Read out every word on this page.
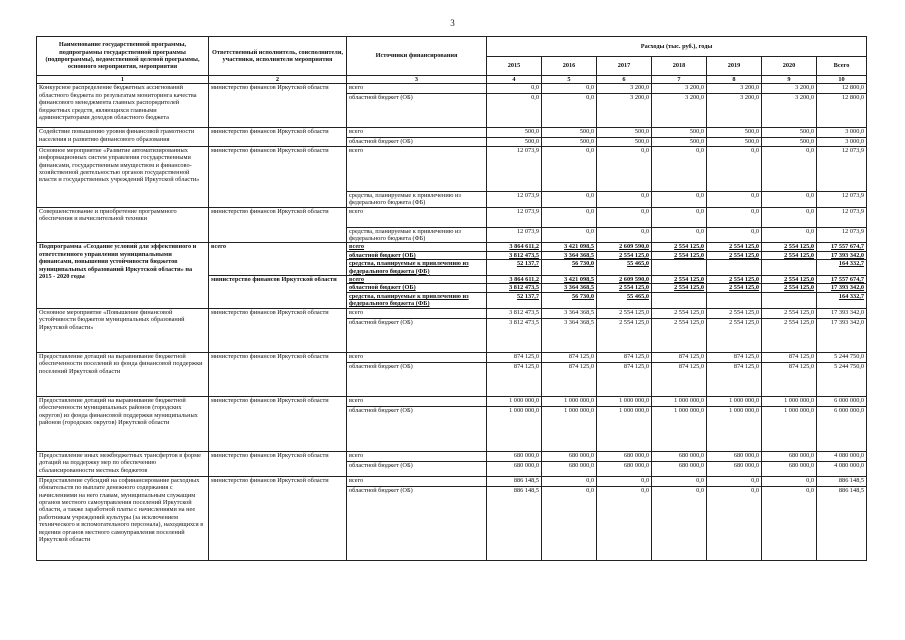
3
Наименование государственной программы, подпрограммы государственной программы (подпрограммы), ведомственной целевой программы, основного мероприятия, мероприятия	Ответственный исполнитель, соисполнители, участники, исполнители мероприятия	Источники финансирования	Расходы (тыс. руб.), годы						
			2015	2016	2017	2018	2019	2020	Всего
1	2	3	4	5	6	7	8	9	10
Конкурсное распределение бюджетных ассигнований областного бюджета по результатам мониторинга качества финансового менеджмента главных распорядителей бюджетных средств, являющихся главными администраторами доходов областного бюджета	министерство финансов Иркутской области	всего	0,0	0,0	3 200,0	3 200,0	3 200,0	3 200,0	12 800,0
		областной бюджет (ОБ)	0,0	0,0	3 200,0	3 200,0	3 200,0	3 200,0	12 800,0
Содействие повышению уровня финансовой грамотности населения и развитию финансового образования	министерство финансов Иркутской области	всего	500,0	500,0	500,0	500,0	500,0	500,0	3 000,0
		областной бюджет (ОБ)	500,0	500,0	500,0	500,0	500,0	500,0	3 000,0
Основное мероприятие «Развитие автоматизированных информационных систем управления государственными финансами, государственным имуществом и финансово-хозяйственной деятельностью органов государственной власти и государственных учреждений Иркутской области»	министерство финансов Иркутской области	всего	12 073,9	0,0	0,0	0,0	0,0	0,0	12 073,9
		средства, планируемые к привлечению из федерального бюджета (ФБ)	12 073,9	0,0	0,0	0,0	0,0	0,0	12 073,9
Совершенствование и приобретение программного обеспечения и вычислительной техники	министерство финансов Иркутской области	всего	12 073,9	0,0	0,0	0,0	0,0	0,0	12 073,9
		средства, планируемые к привлечению из федерального бюджета (ФБ)	12 073,9	0,0	0,0	0,0	0,0	0,0	12 073,9
Подпрограмма «Создание условий для эффективного и ответственного управления муниципальными финансами, повышения устойчивости бюджетов муниципальных образований Иркутской области» на 2015 - 2020 годы	всего	всего	3 864 611,2	3 421 098,5	2 609 590,0	2 554 125,0	2 554 125,0	2 554 125,0	17 557 674,7
		областной бюджет (ОБ)	3 812 473,5	3 364 368,5	2 554 125,0	2 554 125,0	2 554 125,0	2 554 125,0	17 393 342,0
		средства, планируемые к привлечению из федерального бюджета (ФБ)	52 137,7	56 730,0	55 465,0				164 332,7
	министерство финансов Иркутской области	всего	3 864 611,2	3 421 098,5	2 609 590,0	2 554 125,0	2 554 125,0	2 554 125,0	17 557 674,7
		областной бюджет (ОБ)	3 812 473,5	3 364 368,5	2 554 125,0	2 554 125,0	2 554 125,0	2 554 125,0	17 393 342,0
		средства, планируемые к привлечению из федерального бюджета (ФБ)	52 137,7	56 730,0	55 465,0				164 332,7
Основное мероприятие «Повышение финансовой устойчивости бюджетов муниципальных образований Иркутской области»	министерство финансов Иркутской области	всего	3 812 473,5	3 364 368,5	2 554 125,0	2 554 125,0	2 554 125,0	2 554 125,0	17 393 342,0
		областной бюджет (ОБ)	3 812 473,5	3 364 368,5	2 554 125,0	2 554 125,0	2 554 125,0	2 554 125,0	17 393 342,0
Предоставление дотаций на выравнивание бюджетной обеспеченности поселений из фонда финансовой поддержки поселений Иркутской области	министерство финансов Иркутской области	всего	874 125,0	874 125,0	874 125,0	874 125,0	874 125,0	874 125,0	5 244 750,0
		областной бюджет (ОБ)	874 125,0	874 125,0	874 125,0	874 125,0	874 125,0	874 125,0	5 244 750,0
Предоставление дотаций на выравнивание бюджетной обеспеченности муниципальных районов (городских округов) из фонда финансовой поддержки муниципальных районов (городских округов) Иркутской области	министерство финансов Иркутской области	всего	1 000 000,0	1 000 000,0	1 000 000,0	1 000 000,0	1 000 000,0	1 000 000,0	6 000 000,0
		областной бюджет (ОБ)	1 000 000,0	1 000 000,0	1 000 000,0	1 000 000,0	1 000 000,0	1 000 000,0	6 000 000,0
Предоставление иных межбюджетных трансфертов в форме дотаций на поддержку мер по обеспечению сбалансированности местных бюджетов	министерство финансов Иркутской области	всего	680 000,0	680 000,0	680 000,0	680 000,0	680 000,0	680 000,0	4 080 000,0
		областной бюджет (ОБ)	680 000,0	680 000,0	680 000,0	680 000,0	680 000,0	680 000,0	4 080 000,0
Предоставление субсидий на софинансирование расходных обязательств по выплате денежного содержания с начислениями на него главам, муниципальным служащим органов местного самоуправления поселений Иркутской области, а также заработной платы с начислениями на нее работникам учреждений культуры (за исключением технического и вспомогательного персонала), находящихся в ведении органов местного самоуправления поселений Иркутской области	министерство финансов Иркутской области	всего	886 148,5	0,0	0,0	0,0	0,0	0,0	886 148,5
		областной бюджет (ОБ)	886 148,5	0,0	0,0	0,0	0,0	0,0	886 148,5
